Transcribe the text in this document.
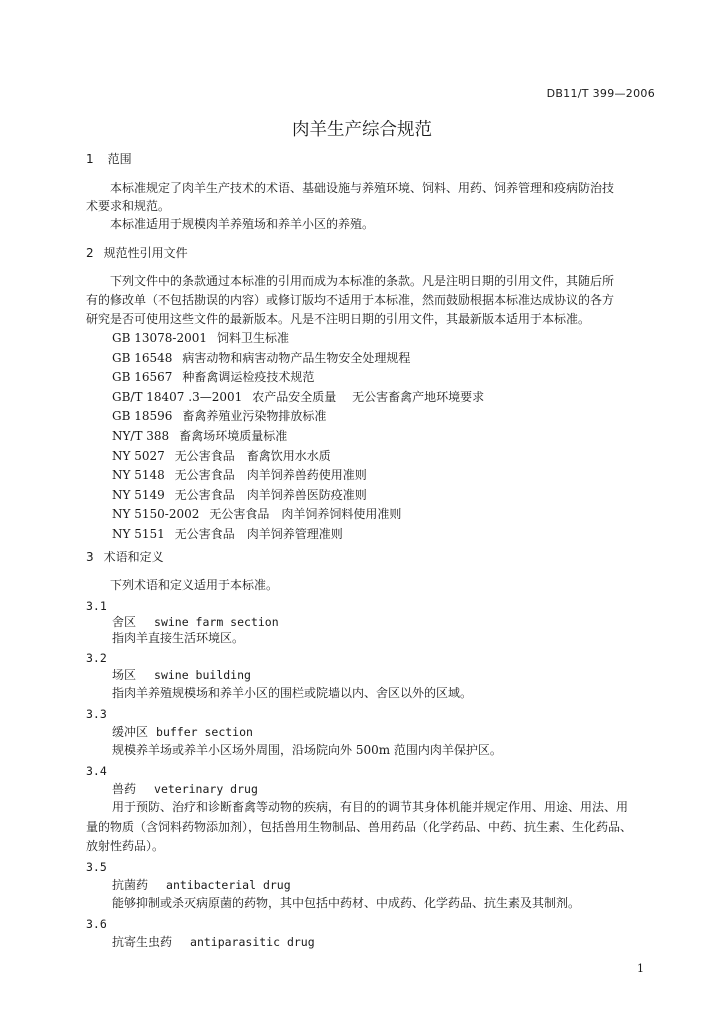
DB11/T 399—2006
肉羊生产综合规范
1 范围
本标准规定了肉羊生产技术的术语、基础设施与养殖环境、饲料、用药、饲养管理和疫病防治技
术要求和规范。
本标准适用于规模肉羊养殖场和养羊小区的养殖。
2 规范性引用文件
下列文件中的条款通过本标准的引用而成为本标准的条款。凡是注明日期的引用文件，其随后所
有的修改单（不包括勘误的内容）或修订版均不适用于本标准，然而鼓励根据本标准达成协议的各方
研究是否可使用这些文件的最新版本。凡是不注明日期的引用文件，其最新版本适用于本标准。
GB 13078-2001 饲料卫生标准
GB 16548 病害动物和病害动物产品生物安全处理规程
GB 16567 种畜禽调运检疫技术规范
GB/T 18407 .3—2001 农产品安全质量　 无公害畜禽产地环境要求
GB 18596 畜禽养殖业污染物排放标准
NY/T 388 畜禽场环境质量标准
NY 5027 无公害食品　畜禽饮用水水质
NY 5148 无公害食品　肉羊饲养兽药使用准则
NY 5149 无公害食品　肉羊饲养兽医防疫准则
NY 5150-2002 无公害食品　肉羊饲养饲料使用准则
NY 5151 无公害食品　肉羊饲养管理准则
3 术语和定义
下列术语和定义适用于本标准。
3.1
舍区 swine farm section
指肉羊直接生活环境区。
3.2
场区 swine building
指肉羊养殖规模场和养羊小区的围栏或院墙以内、舍区以外的区域。
3.3
缓冲区 buffer section
规模养羊场或养羊小区场外周围，沿场院向外 500m 范围内肉羊保护区。
3.4
兽药 veterinary drug
用于预防、治疗和诊断畜禽等动物的疾病，有目的的调节其身体机能并规定作用、用途、用法、用
量的物质（含饲料药物添加剂），包括兽用生物制品、兽用药品（化学药品、中药、抗生素、生化药品、
放射性药品）。
3.5
抗菌药 antibacterial drug
能够抑制或杀灭病原菌的药物，其中包括中药材、中成药、化学药品、抗生素及其制剂。
3.6
抗寄生虫药 antiparasitic drug
1
